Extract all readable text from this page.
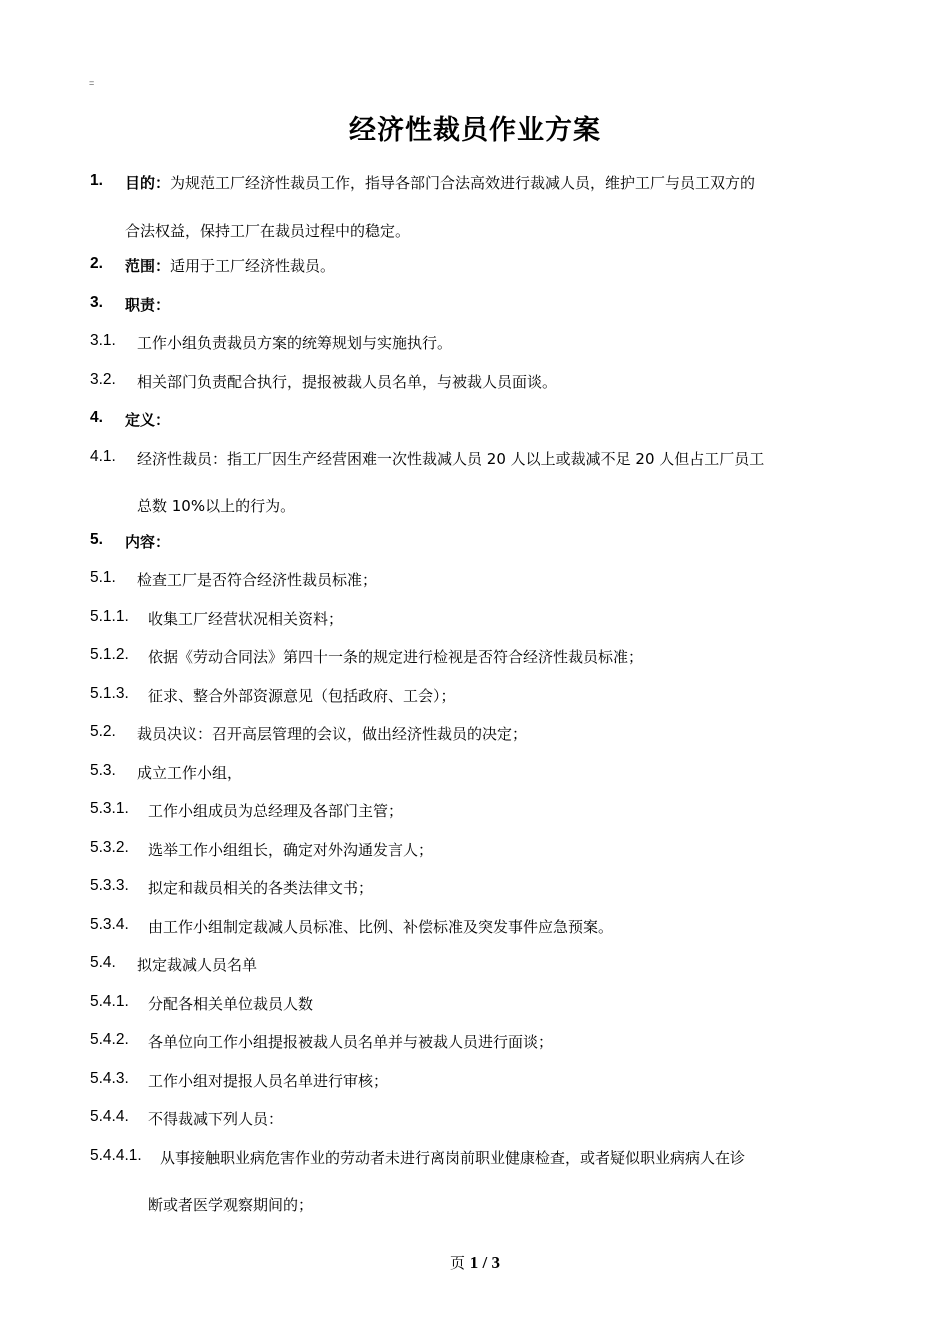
=
经济性裁员作业方案
1. 目的：为规范工厂经济性裁员工作，指导各部门合法高效进行裁减人员，维护工厂与员工双方的
合法权益，保持工厂在裁员过程中的稳定。
2. 范围：适用于工厂经济性裁员。
3. 职责：
3.1. 工作小组负责裁员方案的统筹规划与实施执行。
3.2. 相关部门负责配合执行，提报被裁人员名单，与被裁人员面谈。
4. 定义：
4.1. 经济性裁员：指工厂因生产经营困难一次性裁减人员 20 人以上或裁减不足 20 人但占工厂员工
总数 10%以上的行为。
5. 内容：
5.1. 检查工厂是否符合经济性裁员标准；
5.1.1. 收集工厂经营状况相关资料；
5.1.2. 依据《劳动合同法》第四十一条的规定进行检视是否符合经济性裁员标准；
5.1.3. 征求、整合外部资源意见（包括政府、工会）；
5.2. 裁员决议：召开高层管理的会议，做出经济性裁员的决定；
5.3. 成立工作小组，
5.3.1. 工作小组成员为总经理及各部门主管；
5.3.2. 选举工作小组组长，确定对外沟通发言人；
5.3.3. 拟定和裁员相关的各类法律文书；
5.3.4. 由工作小组制定裁减人员标准、比例、补偿标准及突发事件应急预案。
5.4. 拟定裁减人员名单
5.4.1. 分配各相关单位裁员人数
5.4.2. 各单位向工作小组提报被裁人员名单并与被裁人员进行面谈；
5.4.3. 工作小组对提报人员名单进行审核；
5.4.4. 不得裁减下列人员：
5.4.4.1. 从事接触职业病危害作业的劳动者未进行离岗前职业健康检查，或者疑似职业病病人在诊
断或者医学观察期间的；
页 1 / 3
